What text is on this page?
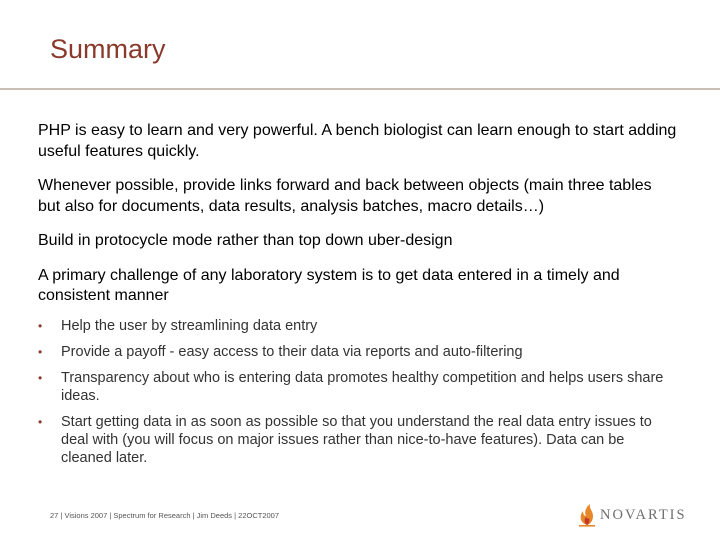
Summary

PHP is easy to learn and very powerful. A bench biologist can learn enough to start adding useful features quickly.

Whenever possible, provide links forward and back between objects (main three tables but also for documents, data results, analysis batches, macro details…)

Build in protocycle mode rather than top down uber-design

A primary challenge of any laboratory system is to get data entered in a timely and consistent manner

• Help the user by streamlining data entry
• Provide a payoff - easy access to their data via reports and auto-filtering
• Transparency about who is entering data promotes healthy competition and helps users share ideas.
• Start getting data in as soon as possible so that you understand the real data entry issues to deal with (you will focus on major issues rather than nice-to-have features). Data can be cleaned later.
27 | Visions 2007 | Spectrum for Research | Jim Deeds | 22OCT2007	NOVARTIS
